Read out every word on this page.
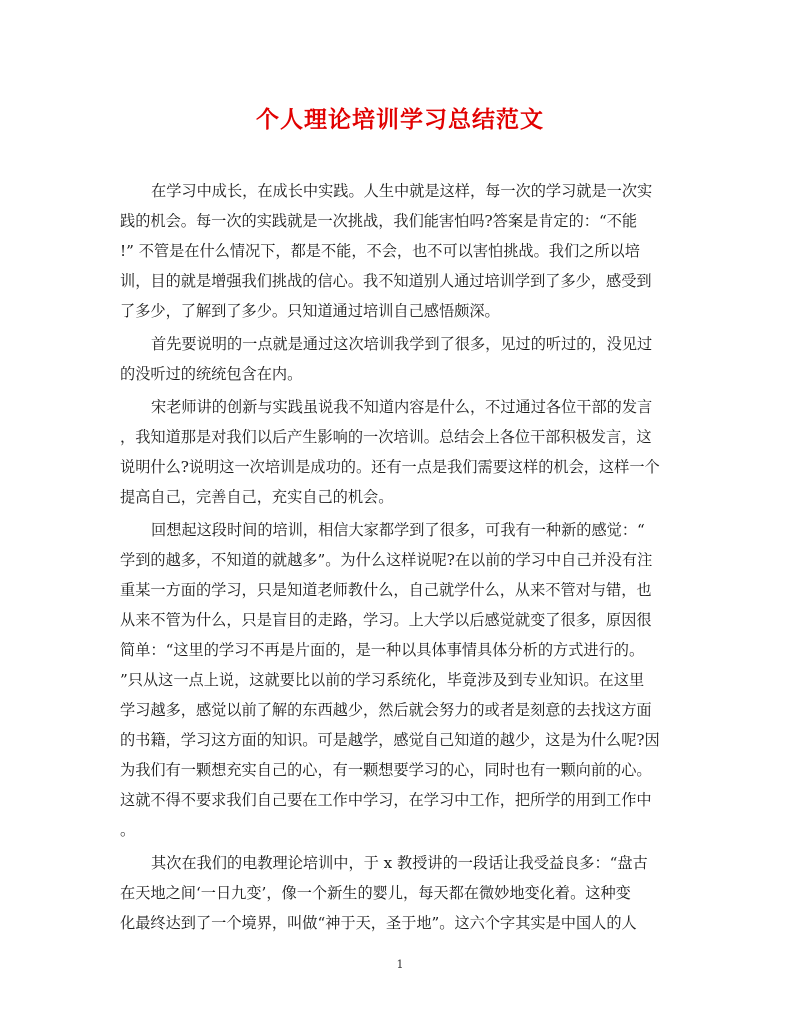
个人理论培训学习总结范文
在学习中成长，在成长中实践。人生中就是这样，每一次的学习就是一次实
践的机会。每一次的实践就是一次挑战，我们能害怕吗?答案是肯定的：“不能
!” 不管是在什么情况下，都是不能，不会，也不可以害怕挑战。我们之所以培
训，目的就是增强我们挑战的信心。我不知道别人通过培训学到了多少，感受到
了多少，了解到了多少。只知道通过培训自己感悟颇深。
首先要说明的一点就是通过这次培训我学到了很多，见过的听过的，没见过
的没听过的统统包含在内。
宋老师讲的创新与实践虽说我不知道内容是什么，不过通过各位干部的发言
，我知道那是对我们以后产生影响的一次培训。总结会上各位干部积极发言，这
说明什么?说明这一次培训是成功的。还有一点是我们需要这样的机会，这样一个
提高自己，完善自己，充实自己的机会。
回想起这段时间的培训，相信大家都学到了很多，可我有一种新的感觉：“
学到的越多，不知道的就越多”。为什么这样说呢?在以前的学习中自己并没有注
重某一方面的学习，只是知道老师教什么，自己就学什么，从来不管对与错，也
从来不管为什么，只是盲目的走路，学习。上大学以后感觉就变了很多，原因很
简单：“这里的学习不再是片面的，是一种以具体事情具体分析的方式进行的。
”只从这一点上说，这就要比以前的学习系统化，毕竟涉及到专业知识。在这里
学习越多，感觉以前了解的东西越少，然后就会努力的或者是刻意的去找这方面
的书籍，学习这方面的知识。可是越学，感觉自己知道的越少，这是为什么呢?因
为我们有一颗想充实自己的心，有一颗想要学习的心，同时也有一颗向前的心。
这就不得不要求我们自己要在工作中学习，在学习中工作，把所学的用到工作中
。
其次在我们的电教理论培训中，于 x 教授讲的一段话让我受益良多：“盘古
在天地之间‘一日九变’，像一个新生的婴儿，每天都在微妙地变化着。这种变
化最终达到了一个境界，叫做“神于天，圣于地”。这六个字其实是中国人的人
1
